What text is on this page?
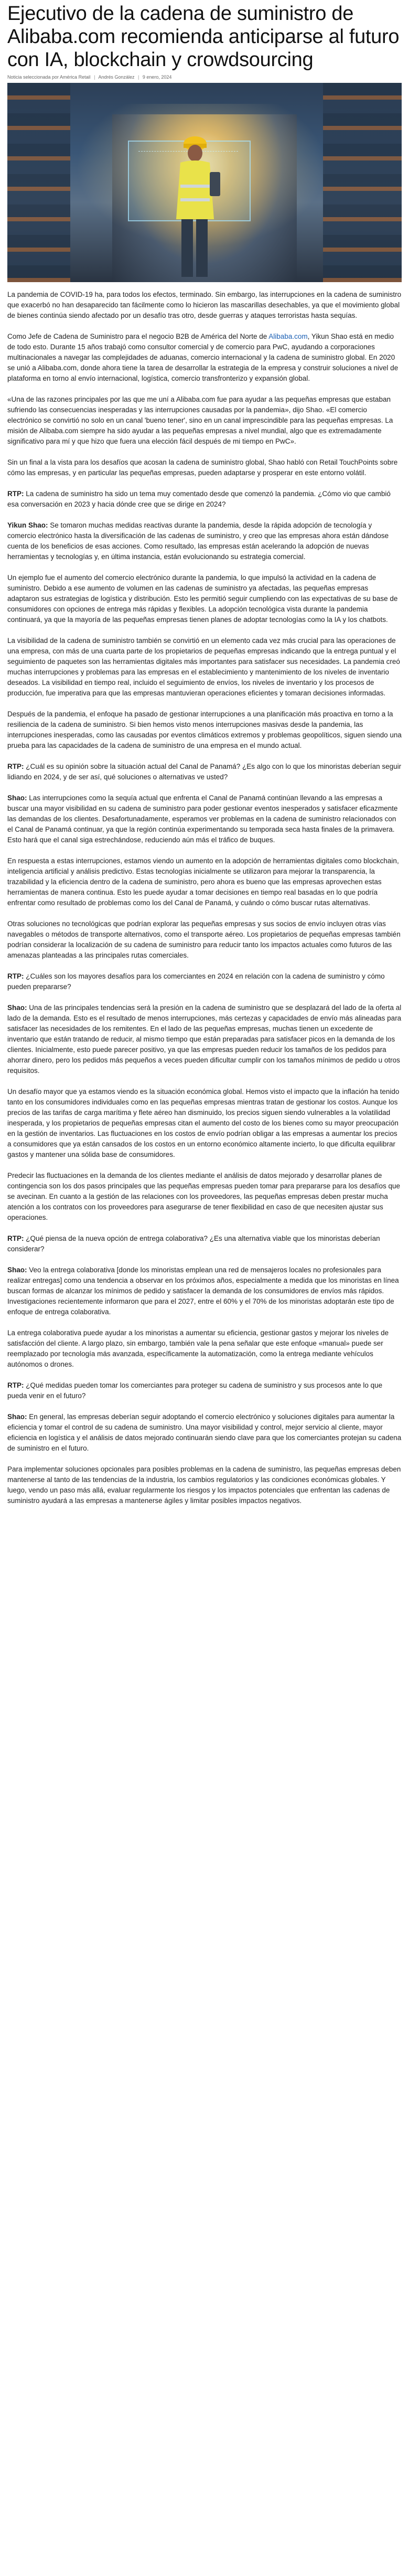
Ejecutivo de la cadena de suministro de Alibaba.com recomienda anticiparse al futuro con IA, blockchain y crowdsourcing
Noticia seleccionada por América Retail | Andrés González | 9 enero, 2024

La pandemia de COVID-19 ha, para todos los efectos, terminado. Sin embargo, las interrupciones en la cadena de suministro que exacerbó no han desaparecido tan fácilmente como lo hicieron las mascarillas desechables, ya que el movimiento global de bienes continúa siendo afectado por un desafío tras otro, desde guerras y ataques terroristas hasta sequías.

Como Jefe de Cadena de Suministro para el negocio B2B de América del Norte de Alibaba.com, Yikun Shao está en medio de todo esto. Durante 15 años trabajó como consultor comercial y de comercio para PwC, ayudando a corporaciones multinacionales a navegar las complejidades de aduanas, comercio internacional y la cadena de suministro global. En 2020 se unió a Alibaba.com, donde ahora tiene la tarea de desarrollar la estrategia de la empresa y construir soluciones a nivel de plataforma en torno al envío internacional, logística, comercio transfronterizo y expansión global.

«Una de las razones principales por las que me uní a Alibaba.com fue para ayudar a las pequeñas empresas que estaban sufriendo las consecuencias inesperadas y las interrupciones causadas por la pandemia», dijo Shao. «El comercio electrónico se convirtió no solo en un canal 'bueno tener', sino en un canal imprescindible para las pequeñas empresas. La misión de Alibaba.com siempre ha sido ayudar a las pequeñas empresas a nivel mundial, algo que es extremadamente significativo para mí y que hizo que fuera una elección fácil después de mi tiempo en PwC».

Sin un final a la vista para los desafíos que acosan la cadena de suministro global, Shao habló con Retail TouchPoints sobre cómo las empresas, y en particular las pequeñas empresas, pueden adaptarse y prosperar en este entorno volátil.

RTP: La cadena de suministro ha sido un tema muy comentado desde que comenzó la pandemia. ¿Cómo vio que cambió esa conversación en 2023 y hacia dónde cree que se dirige en 2024?

Yikun Shao: Se tomaron muchas medidas reactivas durante la pandemia, desde la rápida adopción de tecnología y comercio electrónico hasta la diversificación de las cadenas de suministro, y creo que las empresas ahora están dándose cuenta de los beneficios de esas acciones. Como resultado, las empresas están acelerando la adopción de nuevas herramientas y tecnologías y, en última instancia, están evolucionando su estrategia comercial.

Un ejemplo fue el aumento del comercio electrónico durante la pandemia, lo que impulsó la actividad en la cadena de suministro. Debido a ese aumento de volumen en las cadenas de suministro ya afectadas, las pequeñas empresas adaptaron sus estrategias de logística y distribución. Esto les permitió seguir cumpliendo con las expectativas de su base de consumidores con opciones de entrega más rápidas y flexibles. La adopción tecnológica vista durante la pandemia continuará, ya que la mayoría de las pequeñas empresas tienen planes de adoptar tecnologías como la IA y los chatbots.

La visibilidad de la cadena de suministro también se convirtió en un elemento cada vez más crucial para las operaciones de una empresa, con más de una cuarta parte de los propietarios de pequeñas empresas indicando que la entrega puntual y el seguimiento de paquetes son las herramientas digitales más importantes para satisfacer sus necesidades. La pandemia creó muchas interrupciones y problemas para las empresas en el establecimiento y mantenimiento de los niveles de inventario deseados. La visibilidad en tiempo real, incluido el seguimiento de envíos, los niveles de inventario y los procesos de producción, fue imperativa para que las empresas mantuvieran operaciones eficientes y tomaran decisiones informadas.

Después de la pandemia, el enfoque ha pasado de gestionar interrupciones a una planificación más proactiva en torno a la resiliencia de la cadena de suministro. Si bien hemos visto menos interrupciones masivas desde la pandemia, las interrupciones inesperadas, como las causadas por eventos climáticos extremos y problemas geopolíticos, siguen siendo una prueba para las capacidades de la cadena de suministro de una empresa en el mundo actual.

RTP: ¿Cuál es su opinión sobre la situación actual del Canal de Panamá? ¿Es algo con lo que los minoristas deberían seguir lidiando en 2024, y de ser así, qué soluciones o alternativas ve usted?

Shao: Las interrupciones como la sequía actual que enfrenta el Canal de Panamá continúan llevando a las empresas a buscar una mayor visibilidad en su cadena de suministro para poder gestionar eventos inesperados y satisfacer eficazmente las demandas de los clientes. Desafortunadamente, esperamos ver problemas en la cadena de suministro relacionados con el Canal de Panamá continuar, ya que la región continúa experimentando su temporada seca hasta finales de la primavera. Esto hará que el canal siga estrechándose, reduciendo aún más el tráfico de buques.

En respuesta a estas interrupciones, estamos viendo un aumento en la adopción de herramientas digitales como blockchain, inteligencia artificial y análisis predictivo. Estas tecnologías inicialmente se utilizaron para mejorar la transparencia, la trazabilidad y la eficiencia dentro de la cadena de suministro, pero ahora es bueno que las empresas aprovechen estas herramientas de manera continua. Esto les puede ayudar a tomar decisiones en tiempo real basadas en lo que podría enfrentar como resultado de problemas como los del Canal de Panamá, y cuándo o cómo buscar rutas alternativas.

Otras soluciones no tecnológicas que podrían explorar las pequeñas empresas y sus socios de envío incluyen otras vías navegables o métodos de transporte alternativos, como el transporte aéreo. Los propietarios de pequeñas empresas también podrían considerar la localización de su cadena de suministro para reducir tanto los impactos actuales como futuros de las amenazas planteadas a las principales rutas comerciales.

RTP: ¿Cuáles son los mayores desafíos para los comerciantes en 2024 en relación con la cadena de suministro y cómo pueden prepararse?

Shao: Una de las principales tendencias será la presión en la cadena de suministro que se desplazará del lado de la oferta al lado de la demanda. Esto es el resultado de menos interrupciones, más certezas y capacidades de envío más alineadas para satisfacer las necesidades de los remitentes. En el lado de las pequeñas empresas, muchas tienen un excedente de inventario que están tratando de reducir, al mismo tiempo que están preparadas para satisfacer picos en la demanda de los clientes. Inicialmente, esto puede parecer positivo, ya que las empresas pueden reducir los tamaños de los pedidos para ahorrar dinero, pero los pedidos más pequeños a veces pueden dificultar cumplir con los tamaños mínimos de pedido u otros requisitos.

Un desafío mayor que ya estamos viendo es la situación económica global. Hemos visto el impacto que la inflación ha tenido tanto en los consumidores individuales como en las pequeñas empresas mientras tratan de gestionar los costos. Aunque los precios de las tarifas de carga marítima y flete aéreo han disminuido, los precios siguen siendo vulnerables a la volatilidad inesperada, y los propietarios de pequeñas empresas citan el aumento del costo de los bienes como su mayor preocupación en la gestión de inventarios. Las fluctuaciones en los costos de envío podrían obligar a las empresas a aumentar los precios a consumidores que ya están cansados de los costos en un entorno económico altamente incierto, lo que dificulta equilibrar gastos y mantener una sólida base de consumidores.

Predecir las fluctuaciones en la demanda de los clientes mediante el análisis de datos mejorado y desarrollar planes de contingencia son los dos pasos principales que las pequeñas empresas pueden tomar para prepararse para los desafíos que se avecinan. En cuanto a la gestión de las relaciones con los proveedores, las pequeñas empresas deben prestar mucha atención a los contratos con los proveedores para asegurarse de tener flexibilidad en caso de que necesiten ajustar sus operaciones.

RTP: ¿Qué piensa de la nueva opción de entrega colaborativa? ¿Es una alternativa viable que los minoristas deberían considerar?

Shao: Veo la entrega colaborativa [donde los minoristas emplean una red de mensajeros locales no profesionales para realizar entregas] como una tendencia a observar en los próximos años, especialmente a medida que los minoristas en línea buscan formas de alcanzar los mínimos de pedido y satisfacer la demanda de los consumidores de envíos más rápidos. Investigaciones recientemente informaron que para el 2027, entre el 60% y el 70% de los minoristas adoptarán este tipo de enfoque de entrega colaborativa.

La entrega colaborativa puede ayudar a los minoristas a aumentar su eficiencia, gestionar gastos y mejorar los niveles de satisfacción del cliente. A largo plazo, sin embargo, también vale la pena señalar que este enfoque «manual» puede ser reemplazado por tecnología más avanzada, específicamente la automatización, como la entrega mediante vehículos autónomos o drones.

RTP: ¿Qué medidas pueden tomar los comerciantes para proteger su cadena de suministro y sus procesos ante lo que pueda venir en el futuro?

Shao: En general, las empresas deberían seguir adoptando el comercio electrónico y soluciones digitales para aumentar la eficiencia y tomar el control de su cadena de suministro. Una mayor visibilidad y control, mejor servicio al cliente, mayor eficiencia en logística y el análisis de datos mejorado continuarán siendo clave para que los comerciantes protejan su cadena de suministro en el futuro.

Para implementar soluciones opcionales para posibles problemas en la cadena de suministro, las pequeñas empresas deben mantenerse al tanto de las tendencias de la industria, los cambios regulatorios y las condiciones económicas globales. Y luego, vendo un paso más allá, evaluar regularmente los riesgos y los impactos potenciales que enfrentan las cadenas de suministro ayudará a las empresas a mantenerse ágiles y limitar posibles impactos negativos.
